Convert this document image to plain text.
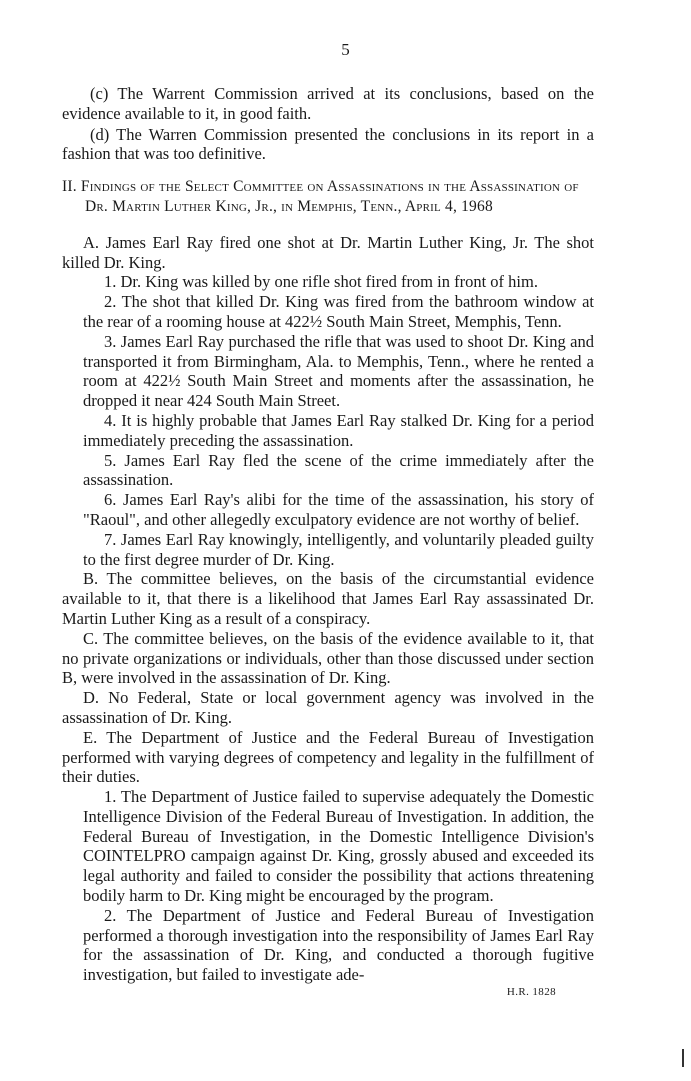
5

(c) The Warrent Commission arrived at its conclusions, based on the evidence available to it, in good faith.

(d) The Warren Commission presented the conclusions in its report in a fashion that was too definitive.

II. Findings of the Select Committee on Assassinations in the Assassination of Dr. Martin Luther King, Jr., in Memphis, Tenn., April 4, 1968

A. James Earl Ray fired one shot at Dr. Martin Luther King, Jr. The shot killed Dr. King.

1. Dr. King was killed by one rifle shot fired from in front of him.

2. The shot that killed Dr. King was fired from the bathroom window at the rear of a rooming house at 422½ South Main Street, Memphis, Tenn.

3. James Earl Ray purchased the rifle that was used to shoot Dr. King and transported it from Birmingham, Ala. to Memphis, Tenn., where he rented a room at 422½ South Main Street and moments after the assassination, he dropped it near 424 South Main Street.

4. It is highly probable that James Earl Ray stalked Dr. King for a period immediately preceding the assassination.

5. James Earl Ray fled the scene of the crime immediately after the assassination.

6. James Earl Ray's alibi for the time of the assassination, his story of "Raoul", and other allegedly exculpatory evidence are not worthy of belief.

7. James Earl Ray knowingly, intelligently, and voluntarily pleaded guilty to the first degree murder of Dr. King.

B. The committee believes, on the basis of the circumstantial evidence available to it, that there is a likelihood that James Earl Ray assassinated Dr. Martin Luther King as a result of a conspiracy.

C. The committee believes, on the basis of the evidence available to it, that no private organizations or individuals, other than those discussed under section B, were involved in the assassination of Dr. King.

D. No Federal, State or local government agency was involved in the assassination of Dr. King.

E. The Department of Justice and the Federal Bureau of Investigation performed with varying degrees of competency and legality in the fulfillment of their duties.

1. The Department of Justice failed to supervise adequately the Domestic Intelligence Division of the Federal Bureau of Investigation. In addition, the Federal Bureau of Investigation, in the Domestic Intelligence Division's COINTELPRO campaign against Dr. King, grossly abused and exceeded its legal authority and failed to consider the possibility that actions threatening bodily harm to Dr. King might be encouraged by the program.

2. The Department of Justice and Federal Bureau of Investigation performed a thorough investigation into the responsibility of James Earl Ray for the assassination of Dr. King, and conducted a thorough fugitive investigation, but failed to investigate ade-

H.R. 1828
